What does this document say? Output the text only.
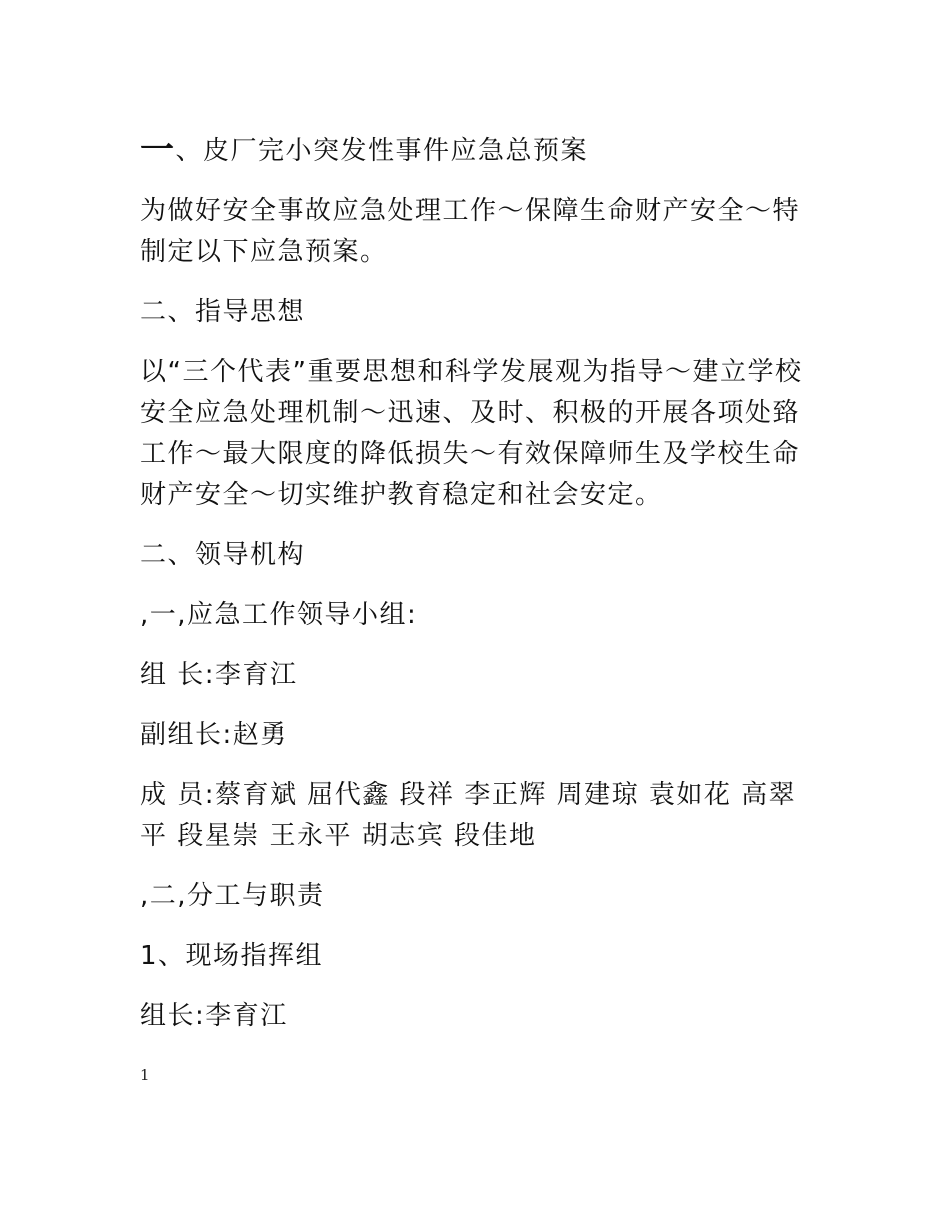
一、皮厂完小突发性事件应急总预案

为做好安全事故应急处理工作～保障生命财产安全～特制定以下应急预案。

二、指导思想

以“三个代表”重要思想和科学发展观为指导～建立学校安全应急处理机制～迅速、及时、积极的开展各项处臵工作～最大限度的降低损失～有效保障师生及学校生命财产安全～切实维护教育稳定和社会安定。

二、领导机构

,一,应急工作领导小组:

组 长:李育江

副组长:赵勇

成 员:蔡育斌 屈代鑫 段祥 李正辉 周建琼 袁如花 高翠平 段星崇 王永平 胡志宾 段佳地

,二,分工与职责

1、现场指挥组

组长:李育江

1
